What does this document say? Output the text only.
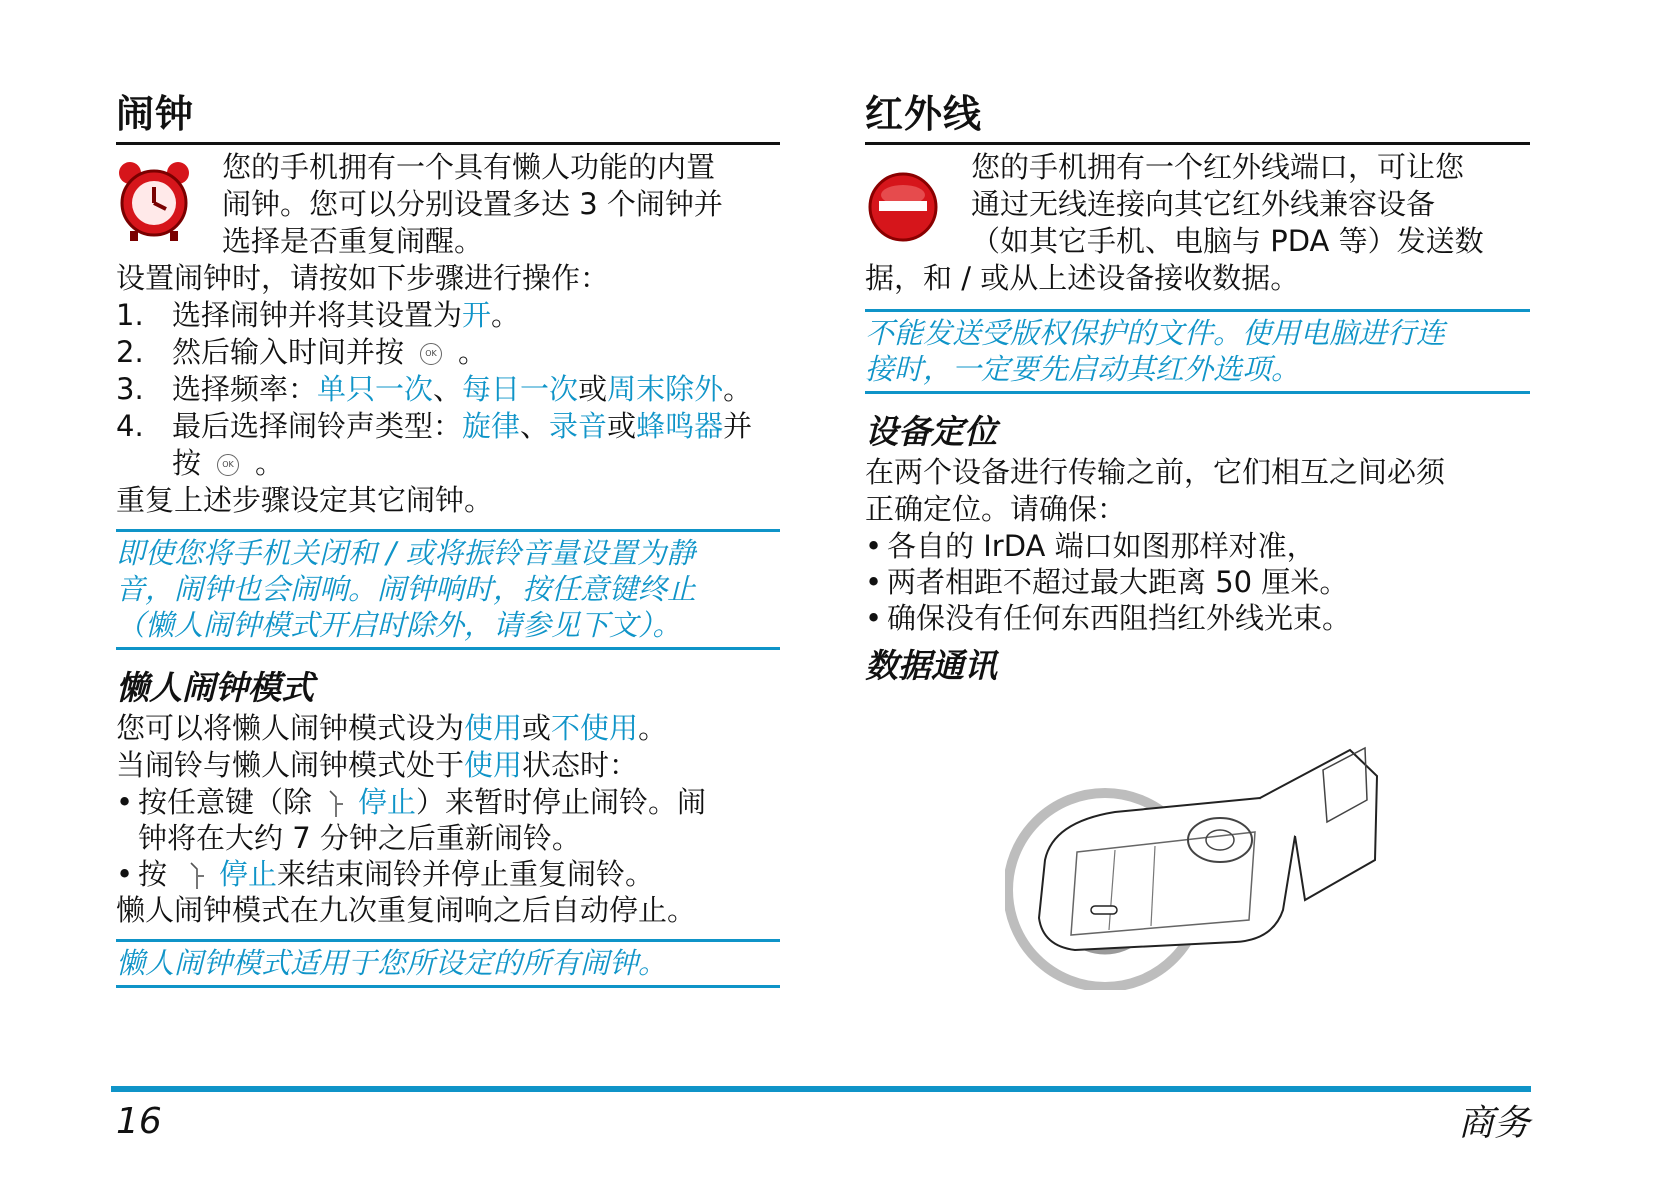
闹钟

您的手机拥有一个具有懒人功能的内置

闹钟。您可以分别设置多达 3 个闹钟并

选择是否重复闹醒。

设置闹钟时，请按如下步骤进行操作：

1. 选择闹钟并将其设置为开。
2. 然后输入时间并按	OK 。
3. 选择频率：单只一次、每日一次或周末除外。
4. 最后选择闹铃声类型：旋律、录音或蜂鸣器并
按	OK 。

重复上述步骤设定其它闹钟。

即使您将手机关闭和 / 或将振铃音量设置为静
音，闹钟也会闹响。闹钟响时，按任意键终止
（懒人闹钟模式开启时除外，请参见下文）。
懒人闹钟模式

您可以将懒人闹钟模式设为使用或不使用。

当闹铃与懒人闹钟模式处于使用状态时：

• 按任意键（除 停止）来暂时停止闹铃。闹
钟将在大约 7 分钟之后重新闹铃。
• 按 停止来结束闹铃并停止重复闹铃。

懒人闹钟模式在九次重复闹响之后自动停止。

懒人闹钟模式适用于您所设定的所有闹钟。
红外线

您的手机拥有一个红外线端口，可让您

通过无线连接向其它红外线兼容设备

（如其它手机、电脑与 PDA 等）发送数

据，和 / 或从上述设备接收数据。

不能发送受版权保护的文件。使用电脑进行连
接时，一定要先启动其红外选项。
设备定位

在两个设备进行传输之前，它们相互之间必须

正确定位。请确保：

• 各自的 IrDA 端口如图那样对准，
• 两者相距不超过最大距离 50 厘米。
• 确保没有任何东西阻挡红外线光束。
数据通讯
16	商务
